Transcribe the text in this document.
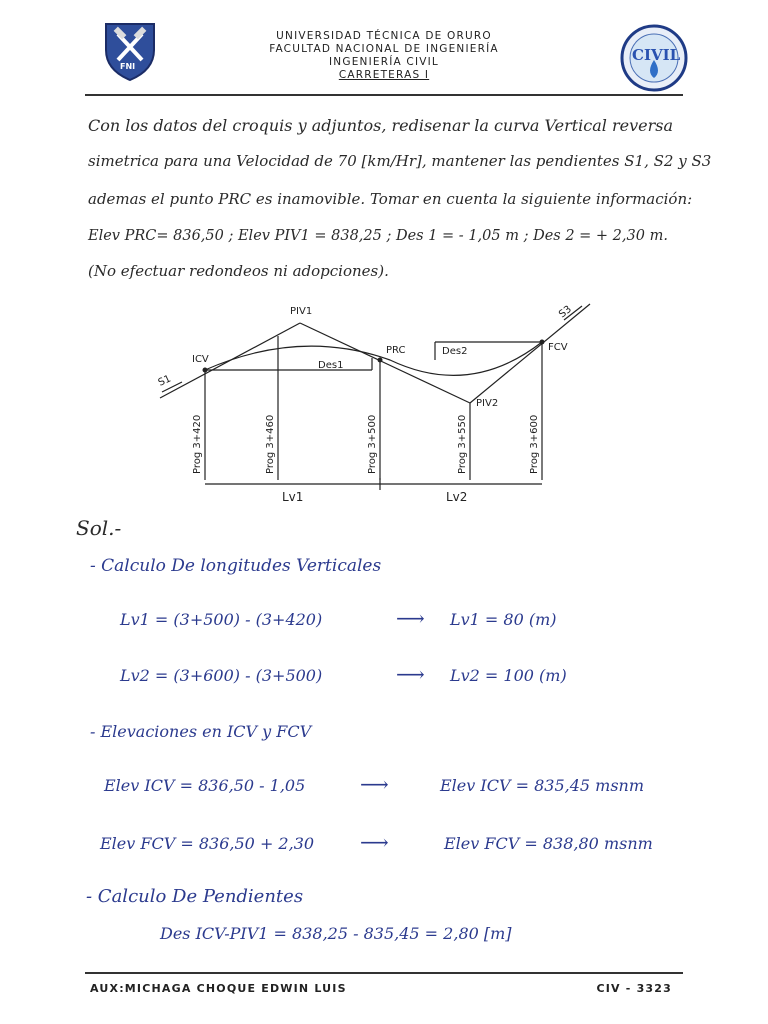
FNI
UNIVERSIDAD TÉCNICA DE ORURO
FACULTAD NACIONAL DE INGENIERÍA
INGENIERÍA CIVIL
CARRETERAS I
CIVIL
Con los datos del croquis y adjuntos, redisenar la curva Vertical reversa
simetrica para una Velocidad de 70 [km/Hr], mantener las pendientes S1, S2 y S3
ademas el punto PRC es inamovible. Tomar en cuenta la siguiente información:
Elev PRC= 836,50 ; Elev PIV1 = 838,25 ; Des 1 = - 1,05 m ; Des 2 = + 2,30 m.
(No efectuar redondeos ni adopciones).
PIV1
ICV
PRC	FCV
PIV2
Des1
Des2
S1
S3
Prog 3+420	Prog 3+460	Prog 3+500	Prog 3+550	Prog 3+600
Lv1	Lv2
Sol.-
- Calculo De longitudes Verticales
Lv1 = (3+500) - (3+420)	⟶ Lv1 = 80 (m)
Lv2 = (3+600) - (3+500)	⟶ Lv2 = 100 (m)
- Elevaciones en ICV y FCV
Elev ICV = 836,50 - 1,05	⟶	Elev ICV = 835,45 msnm
Elev FCV = 836,50 + 2,30 ⟶	Elev FCV = 838,80 msnm
- Calculo De Pendientes
Des ICV-PIV1 = 838,25 - 835,45 = 2,80 [m]
AUX:MICHAGA CHOQUE EDWIN LUIS	CIV - 3323
